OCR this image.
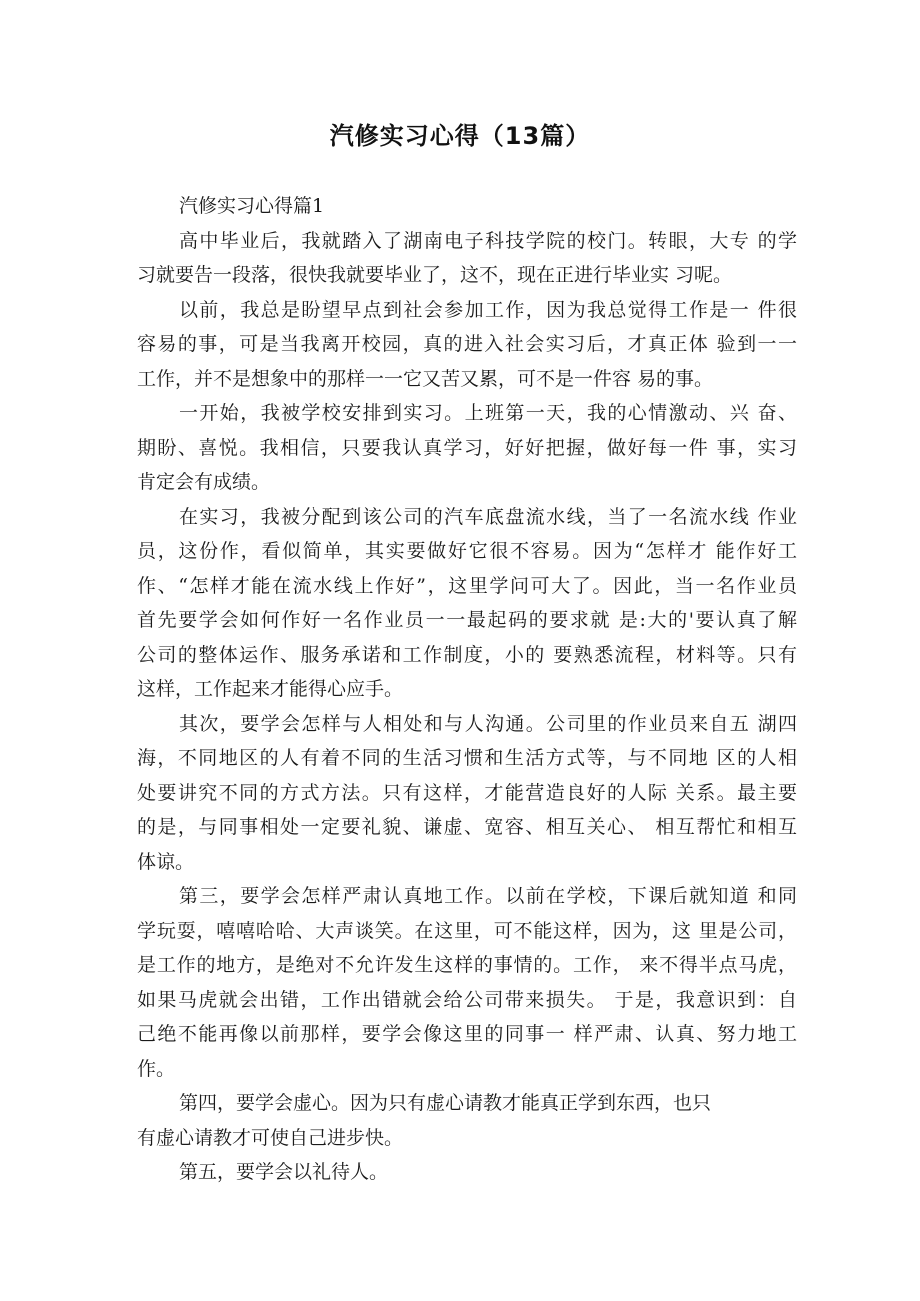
汽修实习心得（13篇）

汽修实习心得篇1

高中毕业后，我就踏入了湖南电子科技学院的校门。转眼，大专 的学

习就要告一段落，很快我就要毕业了，这不，现在正进行毕业实 习呢。

以前，我总是盼望早点到社会参加工作，因为我总觉得工作是一 件很

容易的事，可是当我离开校园，真的进入社会实习后，才真正体 验到一一

工作，并不是想象中的那样一一它又苦又累，可不是一件容 易的事。

一开始，我被学校安排到实习。上班第一天，我的心情激动、兴 奋、

期盼、喜悦。我相信，只要我认真学习，好好把握，做好每一件 事，实习

肯定会有成绩。

在实习，我被分配到该公司的汽车底盘流水线，当了一名流水线 作业

员，这份作，看似简单，其实要做好它很不容易。因为“怎样才 能作好工

作、“怎样才能在流水线上作好”，这里学问可大了。因此，当一名作业员

首先要学会如何作好一名作业员一一最起码的要求就 是:大的'要认真了解

公司的整体运作、服务承诺和工作制度，小的 要熟悉流程，材料等。只有

这样，工作起来才能得心应手。

其次，要学会怎样与人相处和与人沟通。公司里的作业员来自五 湖四

海，不同地区的人有着不同的生活习惯和生活方式等，与不同地 区的人相

处要讲究不同的方式方法。只有这样，才能营造良好的人际 关系。最主要

的是，与同事相处一定要礼貌、谦虚、宽容、相互关心、 相互帮忙和相互

体谅。

第三，要学会怎样严肃认真地工作。以前在学校，下课后就知道 和同

学玩耍，嘻嘻哈哈、大声谈笑。在这里，可不能这样，因为，这 里是公司，

是工作的地方，是绝对不允许发生这样的事情的。工作， 来不得半点马虎，

如果马虎就会出错，工作出错就会给公司带来损失。 于是，我意识到：自

己绝不能再像以前那样，要学会像这里的同事一 样严肃、认真、努力地工

作。

第四，要学会虚心。因为只有虚心请教才能真正学到东西，也只

有虚心请教才可使自己进步快。

第五，要学会以礼待人。
